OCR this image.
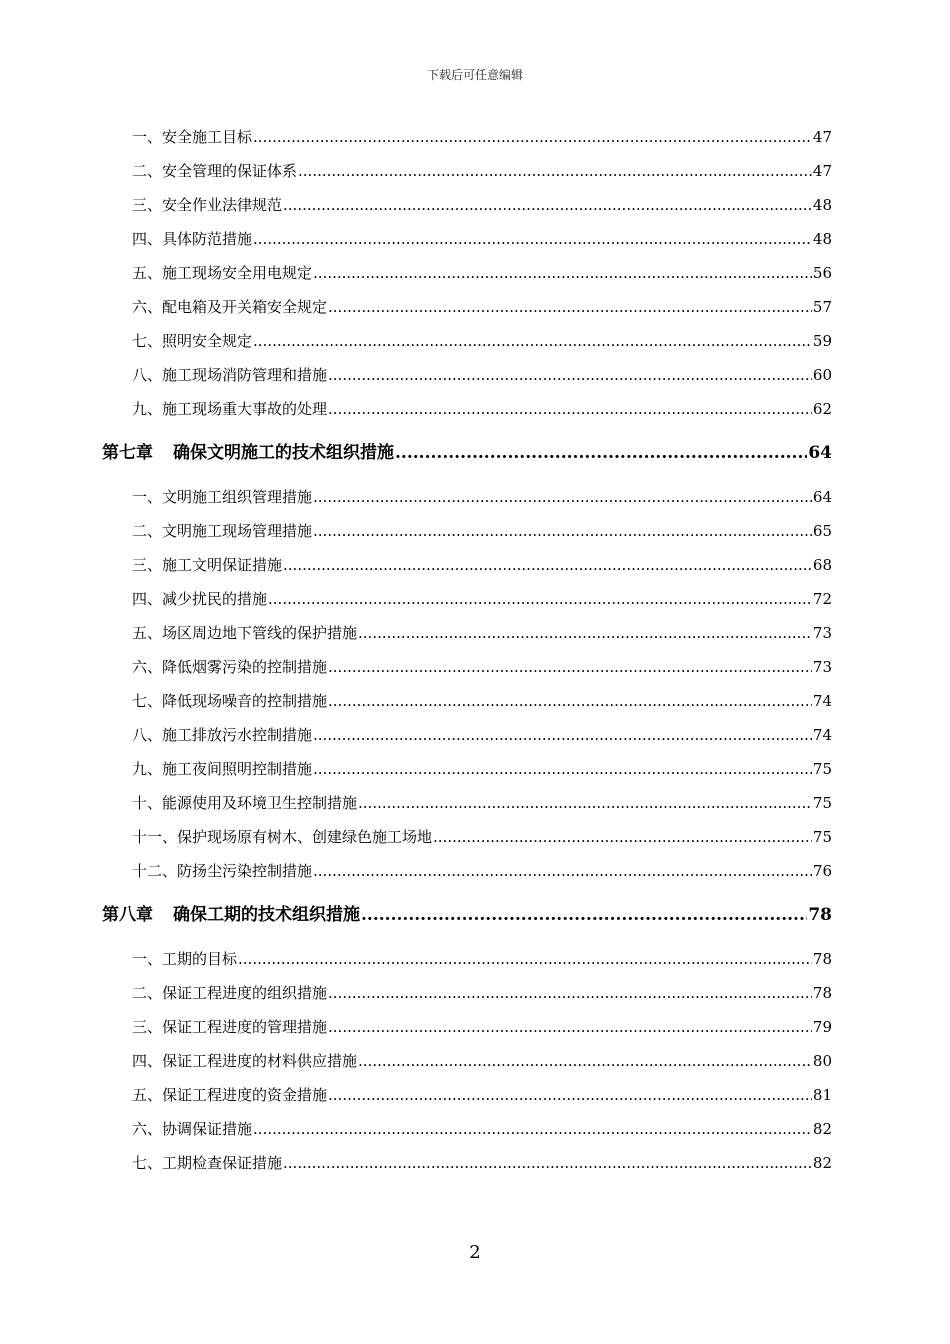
下载后可任意编辑
一、安全施工目标 .....	47
二、安全管理的保证体系 .....	47
三、安全作业法律规范 .....	48
四、具体防范措施 .....	48
五、施工现场安全用电规定 .....	56
六、配电箱及开关箱安全规定 .....	57
七、照明安全规定 .....	59
八、施工现场消防管理和措施 .....	60
九、施工现场重大事故的处理 .....	62
第七章 确保文明施工的技术组织措施 .....	64
一、文明施工组织管理措施 .....	64
二、文明施工现场管理措施 .....	65
三、施工文明保证措施 .....	68
四、减少扰民的措施 .....	72
五、场区周边地下管线的保护措施 .....	73
六、降低烟雾污染的控制措施 .....	73
七、降低现场噪音的控制措施 .....	74
八、施工排放污水控制措施 .....	74
九、施工夜间照明控制措施 .....	75
十、能源使用及环境卫生控制措施 .....	75
十一、保护现场原有树木、创建绿色施工场地 .....	75
十二、防扬尘污染控制措施 .....	76
第八章 确保工期的技术组织措施 .....	78
一、工期的目标 .....	78
二、保证工程进度的组织措施 .....	78
三、保证工程进度的管理措施 .....	79
四、保证工程进度的材料供应措施 .....	80
五、保证工程进度的资金措施 .....	81
六、协调保证措施 .....	82
七、工期检查保证措施 .....	82
2
